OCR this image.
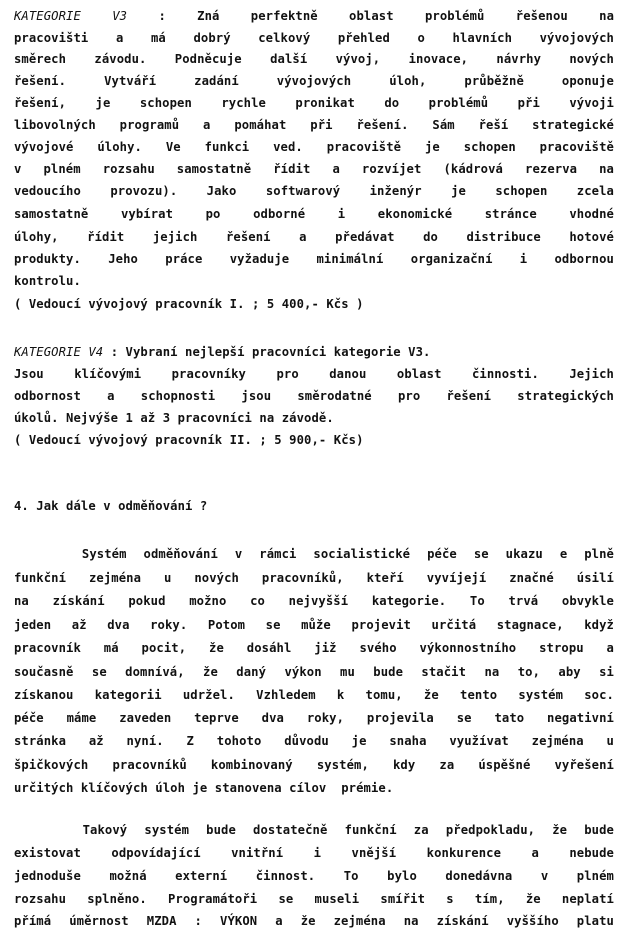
KATEGORIE V3	: Zná perfektně oblast problémů řešenou na
pracovišti a má dobrý celkový přehled o hlavních vývojových
směrech závodu. Podněcuje další vývoj, inovace, návrhy nových
řešení. Vytváří zadání vývojových úloh, průběžně oponuje
řešení, je schopen rychle pronikat do problémů při vývoji
libovolných programů a pomáhat při řešení. Sám řeší strategické
vývojové úlohy. Ve funkci ved. pracoviště je schopen pracoviště
v plném rozsahu samostatně řídit a rozvíjet (kádrová rezerva na
vedoucího provozu). Jako softwarový inženýr je schopen zcela
samostatně vybírat po odborné i ekonomické stránce vhodné
úlohy, řídit jejich řešení a předávat do distribuce hotové
produkty. Jeho práce vyžaduje minimální organizační i odbornou
kontrolu.
( Vedoucí vývojový pracovník I. ; 5 400,- Kčs )
KATEGORIE V4 : Vybraní nejlepší pracovníci kategorie V3.
Jsou klíčovými pracovníky pro danou oblast činnosti. Jejich
odbornost a schopnosti jsou směrodatné pro řešení strategických
úkolů. Nejvýše 1 až 3 pracovníci na závodě.
( Vedoucí vývojový pracovník II. ; 5 900,- Kčs)
4. Jak dále v odměňování ?
Systém odměňování v rámci socialistické péče se ukazu e plně
funkční zejména u nových pracovníků, kteří vyvíjejí značné úsilí
na získání pokud možno co nejvyšší kategorie. To trvá obvykle
jeden až dva roky. Potom se může projevit určitá stagnace, když
pracovník má pocit, že dosáhl již svého výkonnostního stropu a
současně se domnívá, že daný výkon mu bude stačit na to, aby si
získanou kategorii udržel. Vzhledem k tomu, že tento systém soc.
péče máme zaveden teprve dva roky, projevila se tato negativní
stránka až nyní. Z tohoto důvodu je snaha využívat zejména u
špičkových pracovníků kombinovaný systém, kdy za úspěšné vyřešení
určitých klíčových úloh je stanovena cílov  prémie.
Takový systém bude dostatečně funkční za předpokladu, že bude
existovat odpovídající vnitřní i vnější konkurence a nebude
jednoduše možná externí činnost. To bylo donedávna v plném
rozsahu splněno. Programátoři se museli smířit s tím, že neplatí
přímá úměrnost MZDA : VÝKON a že zejména na získání vyššího platu
